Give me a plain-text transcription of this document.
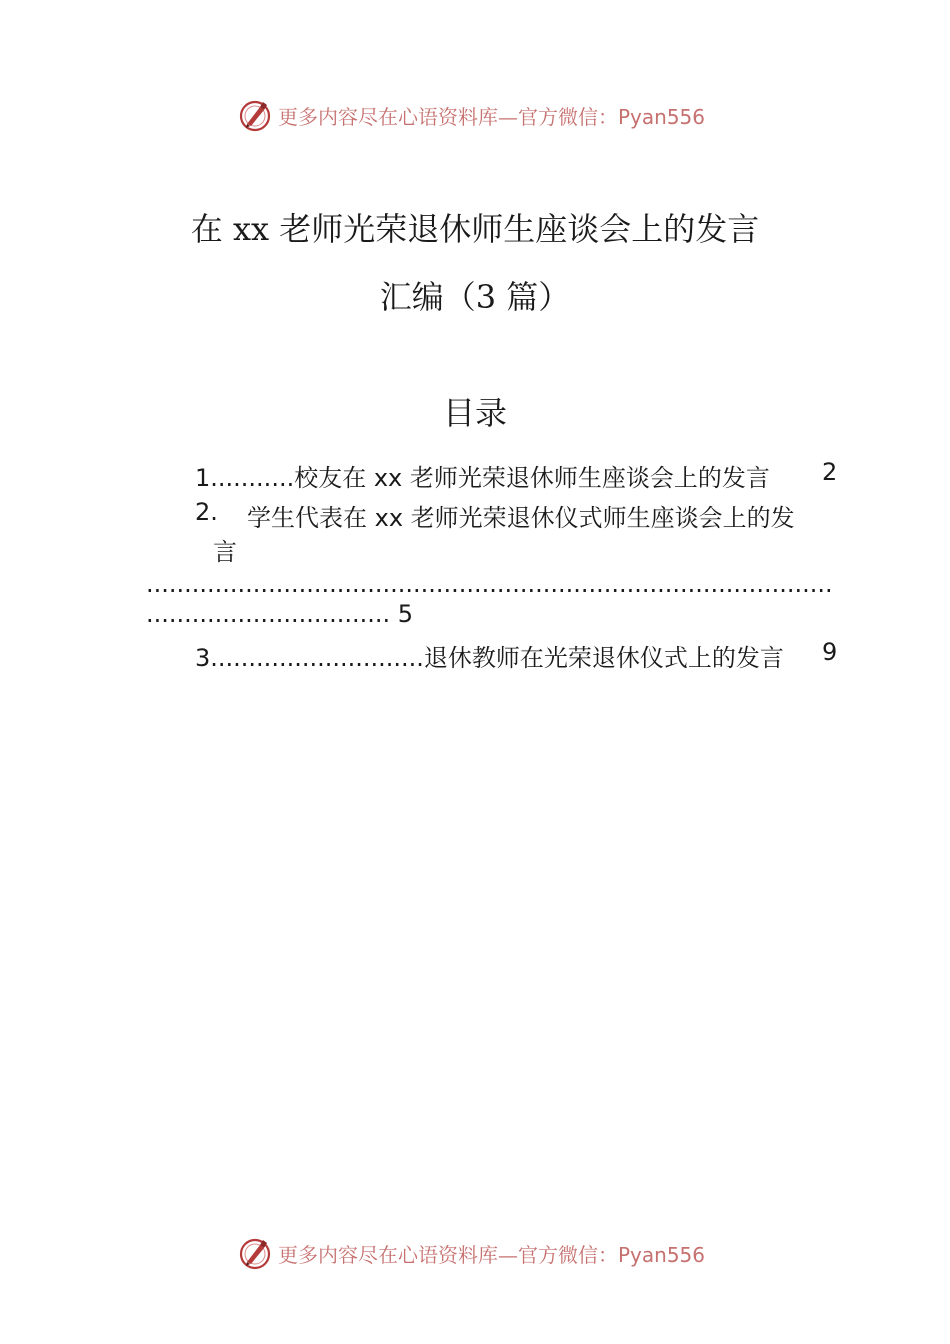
更多内容尽在心语资料库—官方微信：Pyan556
在 xx 老师光荣退休师生座谈会上的发言
汇编（3 篇）
目录
1...........校友在 xx 老师光荣退休师生座谈会上的发言 2
2. 学生代表在 xx 老师光荣退休仪式师生座谈会上的发
言
..........................................................................................
................................ 5
3............................退休教师在光荣退休仪式上的发言 9
更多内容尽在心语资料库—官方微信：Pyan556
